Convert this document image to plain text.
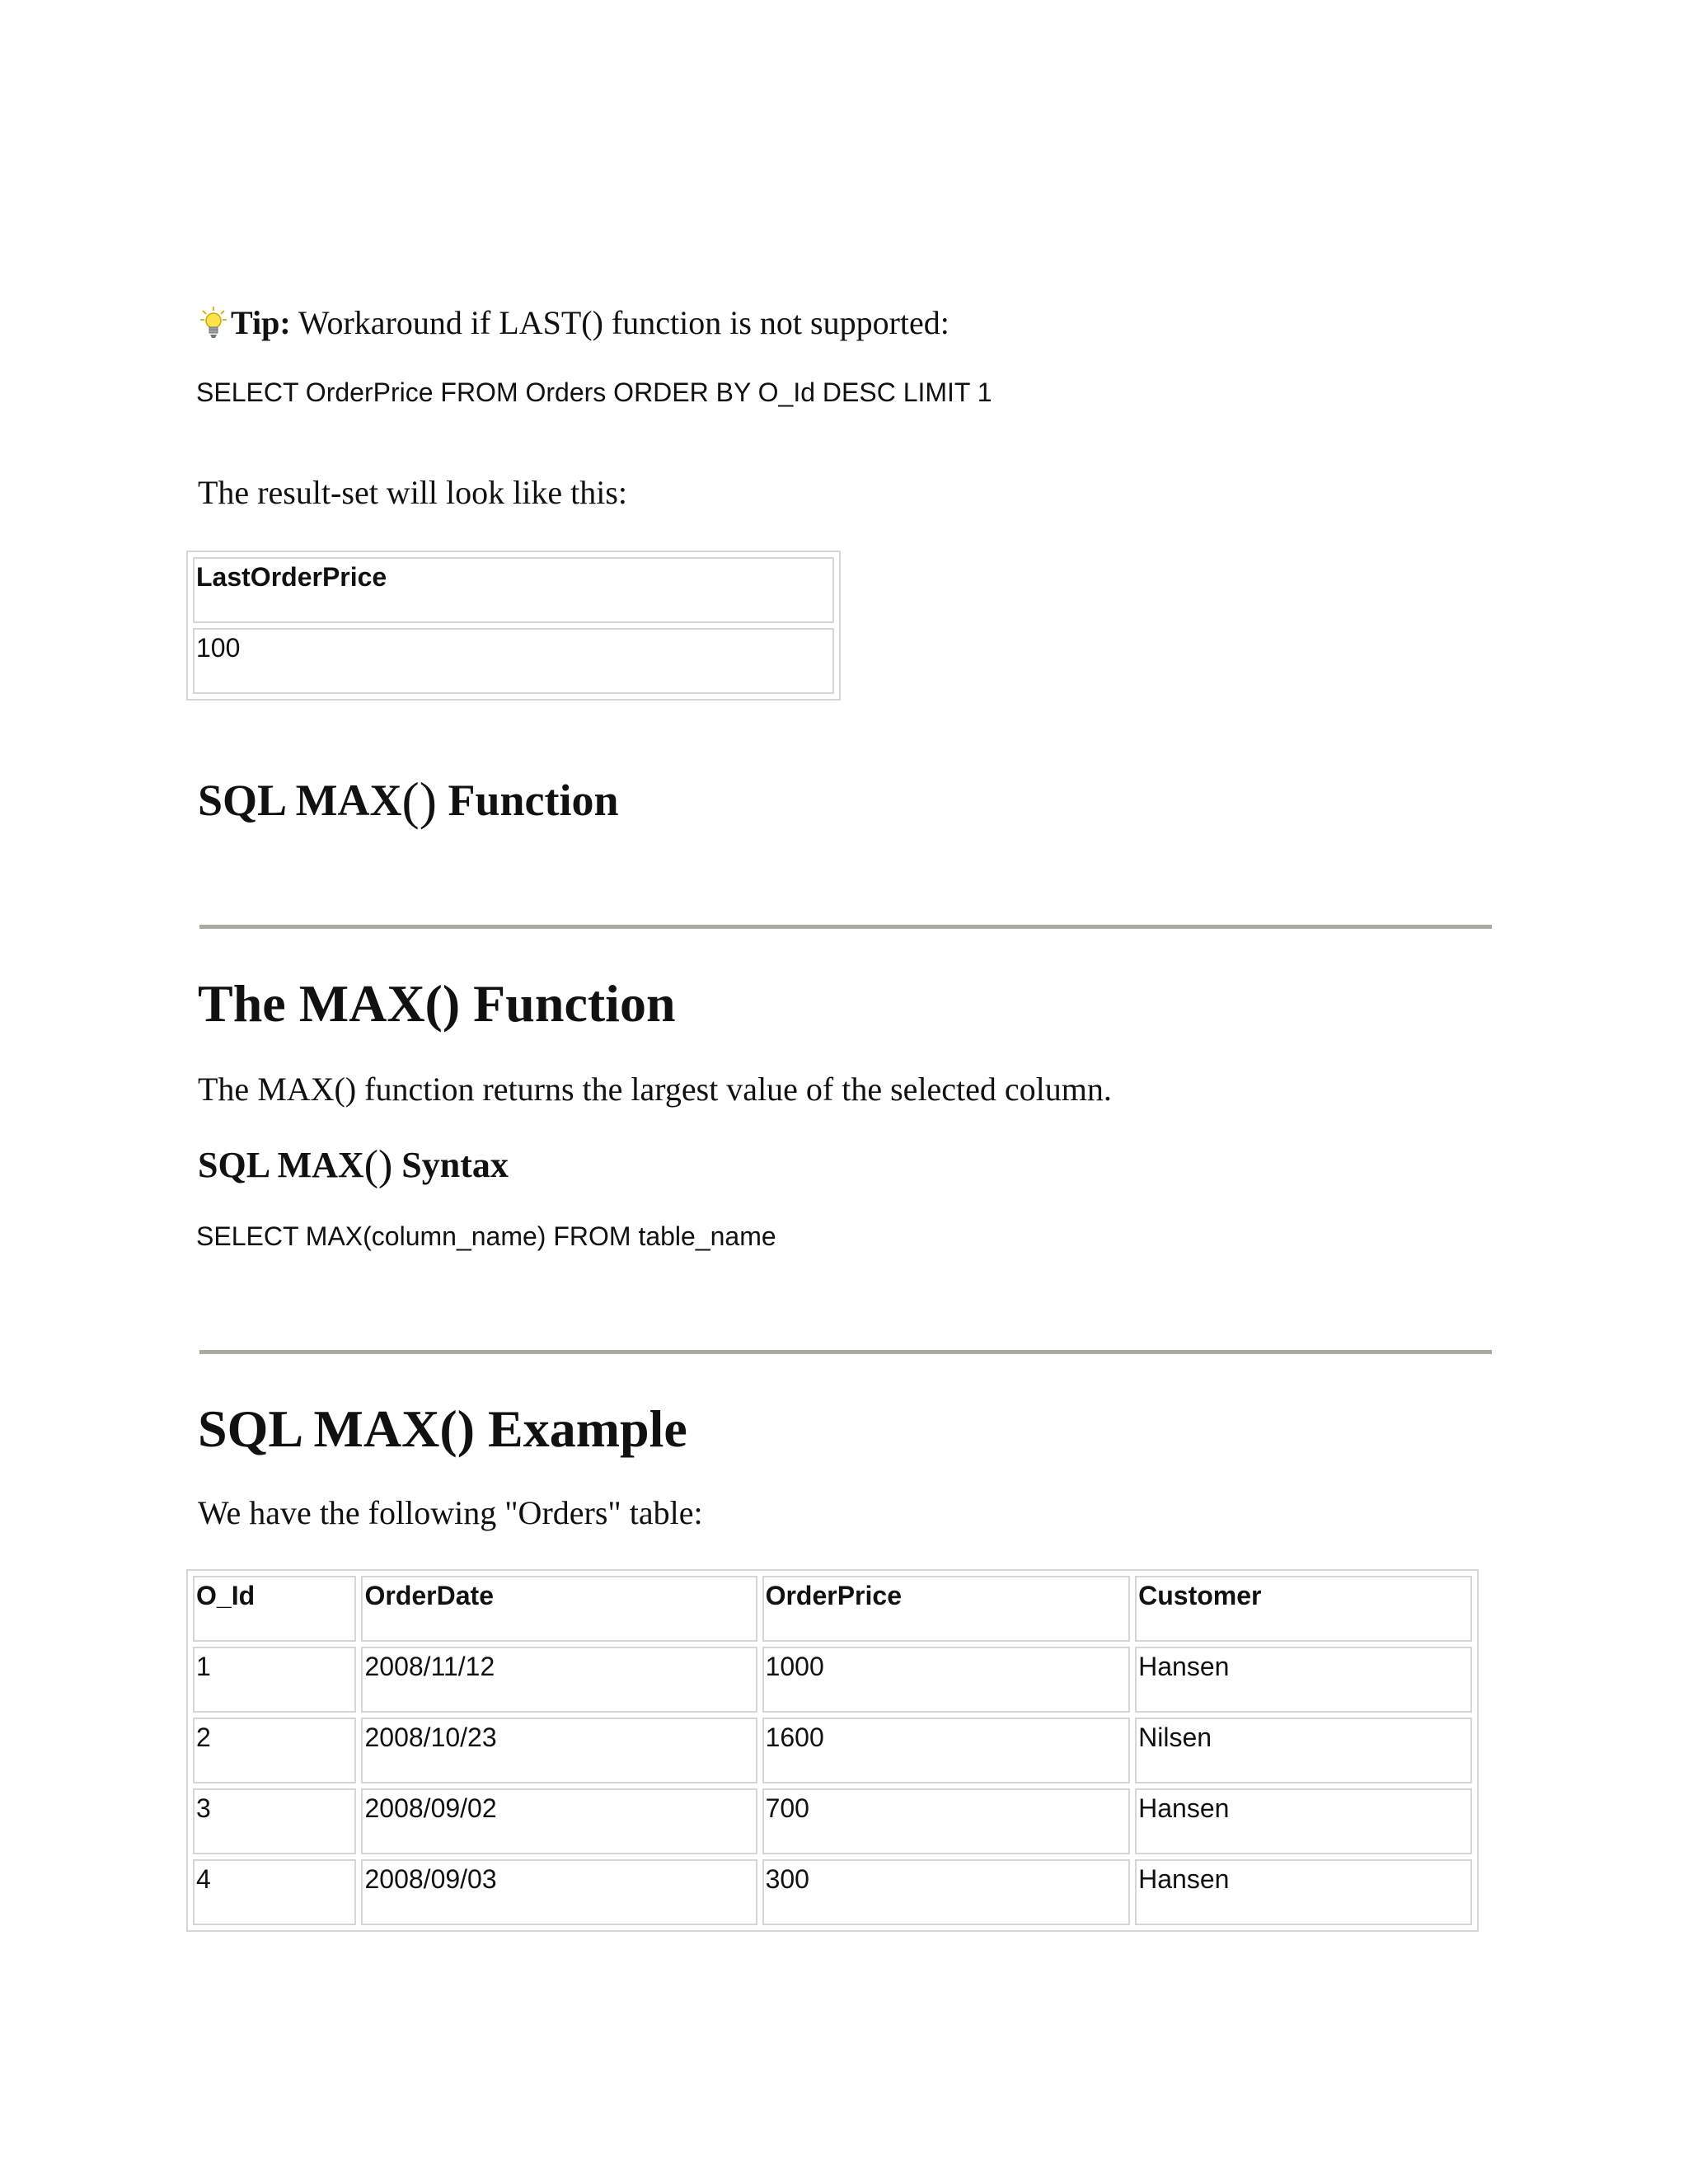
Tip: Workaround if LAST() function is not supported:
SELECT OrderPrice FROM Orders ORDER BY O_Id DESC LIMIT 1
The result-set will look like this:
LastOrderPrice
100
SQL MAX() Function
The MAX() Function
The MAX() function returns the largest value of the selected column.
SQL MAX() Syntax
SELECT MAX(column_name) FROM table_name
SQL MAX() Example
We have the following "Orders" table:
O_Id	OrderDate	OrderPrice	Customer
1	2008/11/12	1000	Hansen
2	2008/10/23	1600	Nilsen
3	2008/09/02	700	Hansen
4	2008/09/03	300	Hansen
